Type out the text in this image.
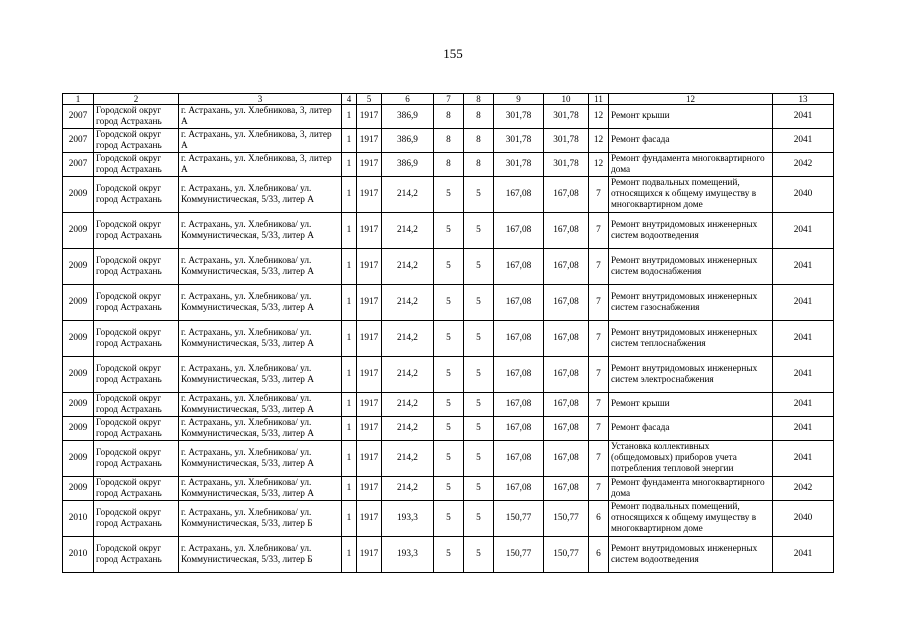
155
1	2	3	4	5	6	7	8	9	10	11	12	13
2007	Городской округ город Астрахань	г. Астрахань, ул. Хлебникова, 3, литер А	1	1917	386,9	8	8	301,78	301,78	12	Ремонт крыши	2041
2007	Городской округ город Астрахань	г. Астрахань, ул. Хлебникова, 3, литер А	1	1917	386,9	8	8	301,78	301,78	12	Ремонт фасада	2041
2007	Городской округ город Астрахань	г. Астрахань, ул. Хлебникова, 3, литер А	1	1917	386,9	8	8	301,78	301,78	12	Ремонт фундамента многоквартирного дома	2042
2009	Городской округ город Астрахань	г. Астрахань, ул. Хлебникова/ ул. Коммунистическая, 5/33, литер А	1	1917	214,2	5	5	167,08	167,08	7	Ремонт подвальных помещений, относящихся к общему имуществу в многоквартирном доме	2040
2009	Городской округ город Астрахань	г. Астрахань, ул. Хлебникова/ ул. Коммунистическая, 5/33, литер А	1	1917	214,2	5	5	167,08	167,08	7	Ремонт внутридомовых инженерных систем водоотведения	2041
2009	Городской округ город Астрахань	г. Астрахань, ул. Хлебникова/ ул. Коммунистическая, 5/33, литер А	1	1917	214,2	5	5	167,08	167,08	7	Ремонт внутридомовых инженерных систем водоснабжения	2041
2009	Городской округ город Астрахань	г. Астрахань, ул. Хлебникова/ ул. Коммунистическая, 5/33, литер А	1	1917	214,2	5	5	167,08	167,08	7	Ремонт внутридомовых инженерных систем газоснабжения	2041
2009	Городской округ город Астрахань	г. Астрахань, ул. Хлебникова/ ул. Коммунистическая, 5/33, литер А	1	1917	214,2	5	5	167,08	167,08	7	Ремонт внутридомовых инженерных систем теплоснабжения	2041
2009	Городской округ город Астрахань	г. Астрахань, ул. Хлебникова/ ул. Коммунистическая, 5/33, литер А	1	1917	214,2	5	5	167,08	167,08	7	Ремонт внутридомовых инженерных систем электроснабжения	2041
2009	Городской округ город Астрахань	г. Астрахань, ул. Хлебникова/ ул. Коммунистическая, 5/33, литер А	1	1917	214,2	5	5	167,08	167,08	7	Ремонт крыши	2041
2009	Городской округ город Астрахань	г. Астрахань, ул. Хлебникова/ ул. Коммунистическая, 5/33, литер А	1	1917	214,2	5	5	167,08	167,08	7	Ремонт фасада	2041
2009	Городской округ город Астрахань	г. Астрахань, ул. Хлебникова/ ул. Коммунистическая, 5/33, литер А	1	1917	214,2	5	5	167,08	167,08	7	Установка коллективных (общедомовых) приборов учета потребления тепловой энергии	2041
2009	Городской округ город Астрахань	г. Астрахань, ул. Хлебникова/ ул. Коммунистическая, 5/33, литер А	1	1917	214,2	5	5	167,08	167,08	7	Ремонт фундамента многоквартирного дома	2042
2010	Городской округ город Астрахань	г. Астрахань, ул. Хлебникова/ ул. Коммунистическая, 5/33, литер Б	1	1917	193,3	5	5	150,77	150,77	6	Ремонт подвальных помещений, относящихся к общему имуществу в многоквартирном доме	2040
2010	Городской округ город Астрахань	г. Астрахань, ул. Хлебникова/ ул. Коммунистическая, 5/33, литер Б	1	1917	193,3	5	5	150,77	150,77	6	Ремонт внутридомовых инженерных систем водоотведения	2041
